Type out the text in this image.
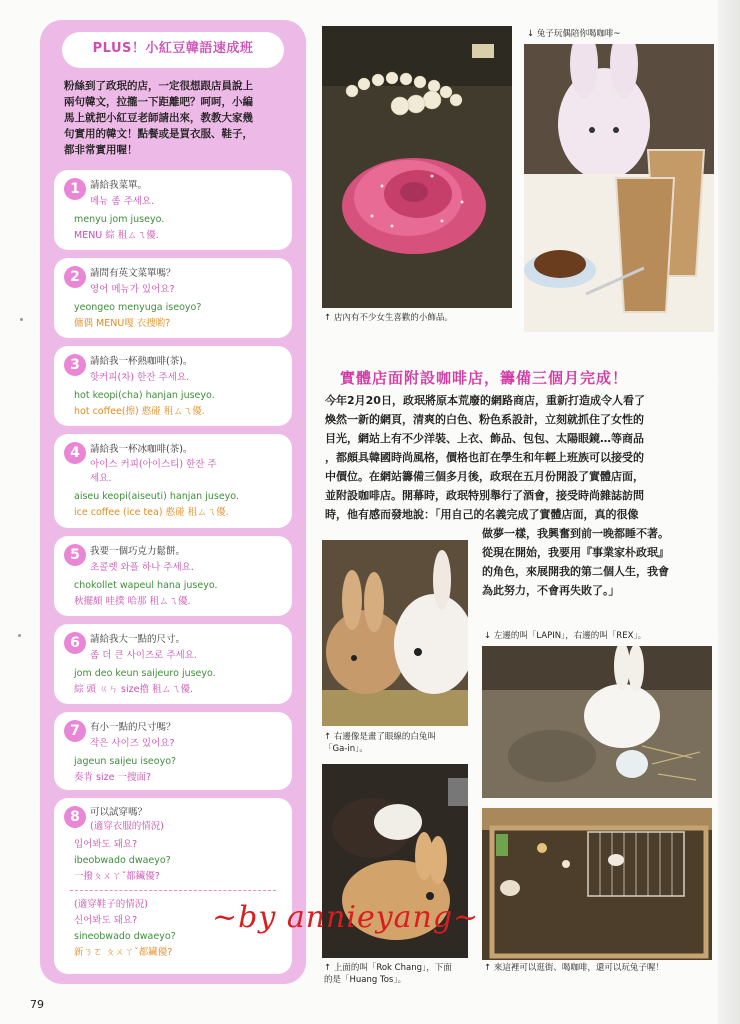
PLUS！小紅豆韓語速成班
粉絲到了政珉的店，一定很想跟店員說上
兩句韓文，拉攏一下距離吧？呵呵，小編
馬上就把小紅豆老師請出來，教教大家幾
句實用的韓文！點餐或是買衣服、鞋子，
都非常實用喔！
1	請給我菜單。
메뉴 좀 주세요.
menyu jom juseyo.
MENU 綜 租ㄙㄟ優.
2	請問有英文菜單嗎？
영어 메뉴가 있어요?
yeongeo menyuga iseoyo?
傭偶 MENU嘎 衣捜喲?
3	請給我一杯熱咖啡(茶)。
핫커피(차) 한잔 주세요.
hot keopi(cha) hanjan juseyo.
hot coffee(擦) 憨碰 租ㄙㄟ優.
4	請給我一杯冰咖啡(茶)。
아이스 커피(아이스티) 한잔 주
세요.
aiseu keopi(aiseuti) hanjan juseyo.
ice coffee (ice tea) 憨碰 租ㄙㄟ優.
5	我要一個巧克力鬆餅。
초콜렛 와플 하나 주세요.
chokollet wapeul hana juseyo.
秋擺頗 哇撲 哈那 租ㄙㄟ優.
6	請給我大一點的尺寸。
좀 더 큰 사이즈로 주세요.
jom deo keun saijeuro juseyo.
綜 頭 ㄍㄣ size擼 租ㄙㄟ優.
7	有小一點的尺寸嗎？
작은 사이즈 있어요?
jageun saijeu iseoyo?
奏肯 size 一捜面?
8	可以試穿嗎？
(適穿衣服的情況)
입어봐도 돼요?
ibeobwado dwaeyo?
一撥ㄆㄨㄚˇ都鑶優?
(適穿鞋子的情況)
신어봐도 돼요?
sineobwado dwaeyo?
新ㄋㄛ ㄆㄨㄚˇ都鑶優?
↑ 店內有不少女生喜歡的小飾品。
↓ 兔子玩偶陪你喝咖啡~
實體店面附設咖啡店，籌備三個月完成！
今年2月20日，政珉將原本荒廢的網路商店，重新打造成令人看了
煥然一新的網頁，清爽的白色、粉色系設計，立刻就抓住了女性的
目光，網站上有不少洋裝、上衣、飾品、包包、太陽眼鏡…等商品
，都頗具韓國時尚風格，價格也訂在學生和年輕上班族可以接受的
中價位。在網站籌備三個多月後，政珉在五月份開設了實體店面，
並附設咖啡店。開幕時，政珉特別舉行了酒會，接受時尚雜誌訪問
時，他有感而發地說：「用自己的名義完成了實體店面，真的很像
做夢一樣，我興奮到前一晚都睡不著。
從現在開始，我要用『事業家朴政珉』
的角色，來展開我的第二個人生，我會
為此努力，不會再失敗了。」
↑ 右邊像是畫了眼線的白兔叫
「Ga-in」。
↓ 左邊的叫「LAPIN」，右邊的叫「REX」。
↑ 上面的叫「Rok Chang」，下面
的是「Huang Tos」。
↑ 來這裡可以逛街、喝咖啡，還可以玩兔子喔！
~by annieyang~
79
